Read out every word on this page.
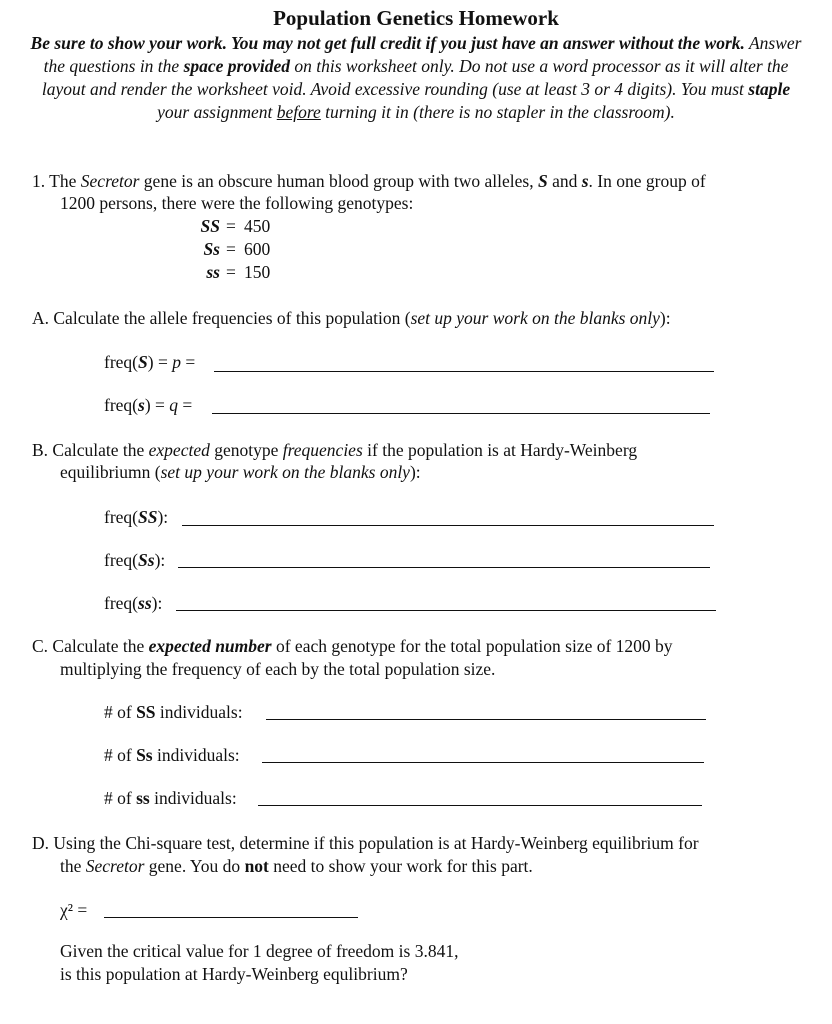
Population Genetics Homework
Be sure to show your work. You may not get full credit if you just have an answer without the work. Answer the questions in the space provided on this worksheet only. Do not use a word processor as it will alter the layout and render the worksheet void. Avoid excessive rounding (use at least 3 or 4 digits). You must staple your assignment before turning it in (there is no stapler in the classroom).
1. The Secretor gene is an obscure human blood group with two alleles, S and s. In one group of
1200 persons, there were the following genotypes:
SS = 450
Ss = 600
ss = 150
A. Calculate the allele frequencies of this population (set up your work on the blanks only):
freq(S) = p =
freq(s) = q =
B. Calculate the expected genotype frequencies if the population is at Hardy-Weinberg
equilibriumn (set up your work on the blanks only):
freq(SS):
freq(Ss):
freq(ss):
C. Calculate the expected number of each genotype for the total population size of 1200 by
multiplying the frequency of each by the total population size.
# of SS individuals:
# of Ss individuals:
# of ss individuals:
D. Using the Chi-square test, determine if this population is at Hardy-Weinberg equilibrium for
the Secretor gene. You do not need to show your work for this part.
χ² =
Given the critical value for 1 degree of freedom is 3.841,
is this population at Hardy-Weinberg equlibrium?
